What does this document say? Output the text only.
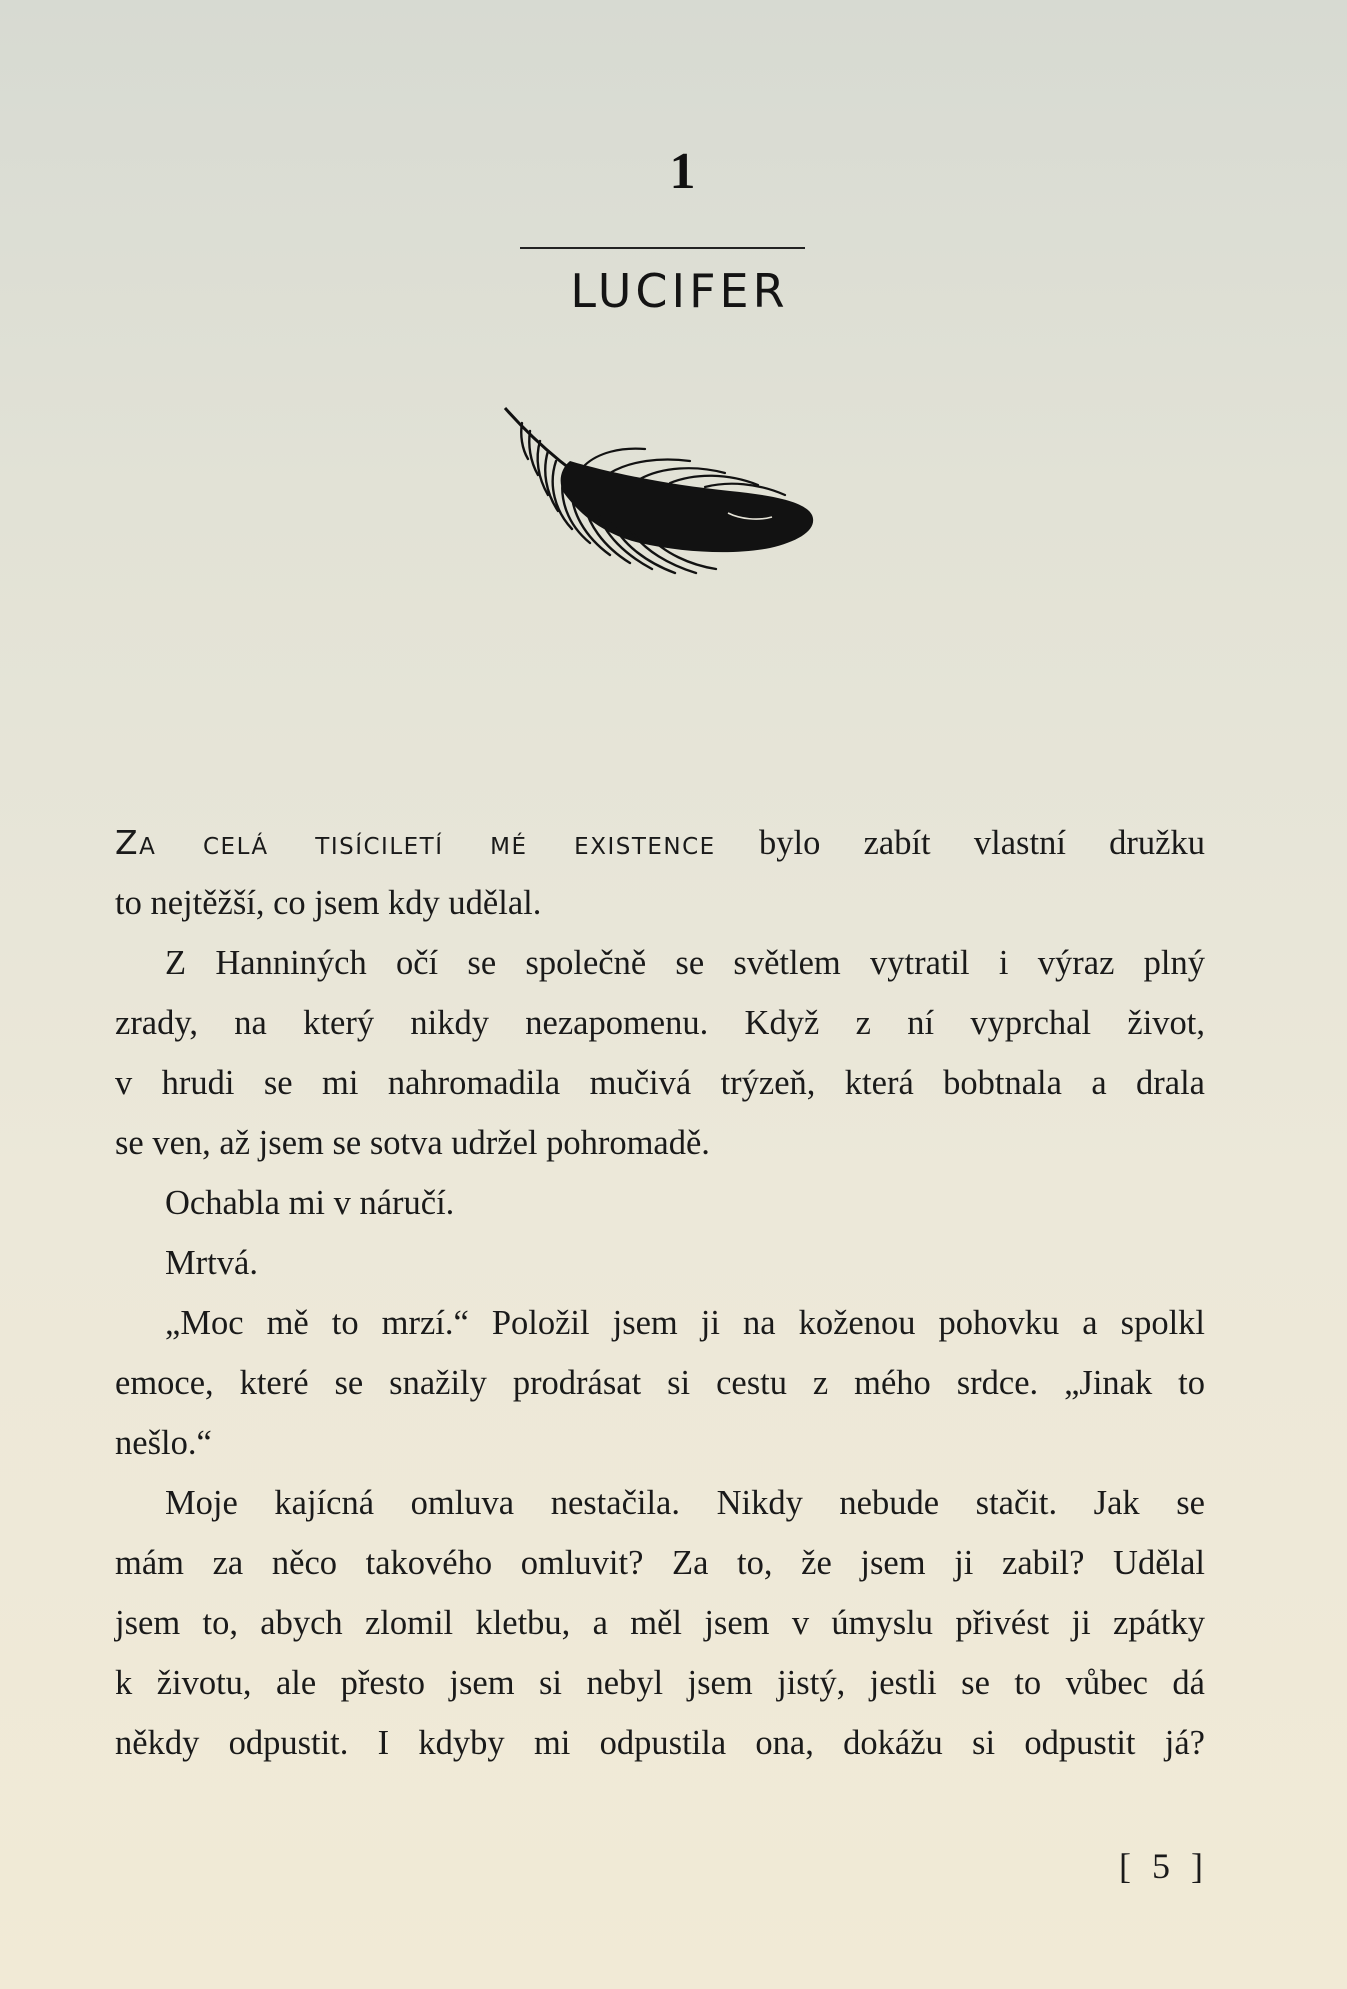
1
LUCIFER
Za celá tisíciletí mé existence bylo zabít vlastní družku
to nejtěžší, co jsem kdy udělal.
Z Hanniných očí se společně se světlem vytratil i výraz plný
zrady, na který nikdy nezapomenu. Když z ní vyprchal život,
v hrudi se mi nahromadila mučivá trýzeň, která bobtnala a drala
se ven, až jsem se sotva udržel pohromadě.
Ochabla mi v náručí.
Mrtvá.
„Moc mě to mrzí.“ Položil jsem ji na koženou pohovku a spolkl
emoce, které se snažily prodrásat si cestu z mého srdce. „Jinak to
nešlo.“
Moje kajícná omluva nestačila. Nikdy nebude stačit. Jak se
mám za něco takového omluvit? Za to, že jsem ji zabil? Udělal
jsem to, abych zlomil kletbu, a měl jsem v úmyslu přivést ji zpátky
k životu, ale přesto jsem si nebyl jsem jistý, jestli se to vůbec dá
někdy odpustit. I kdyby mi odpustila ona, dokážu si odpustit já?
[ 5 ]
